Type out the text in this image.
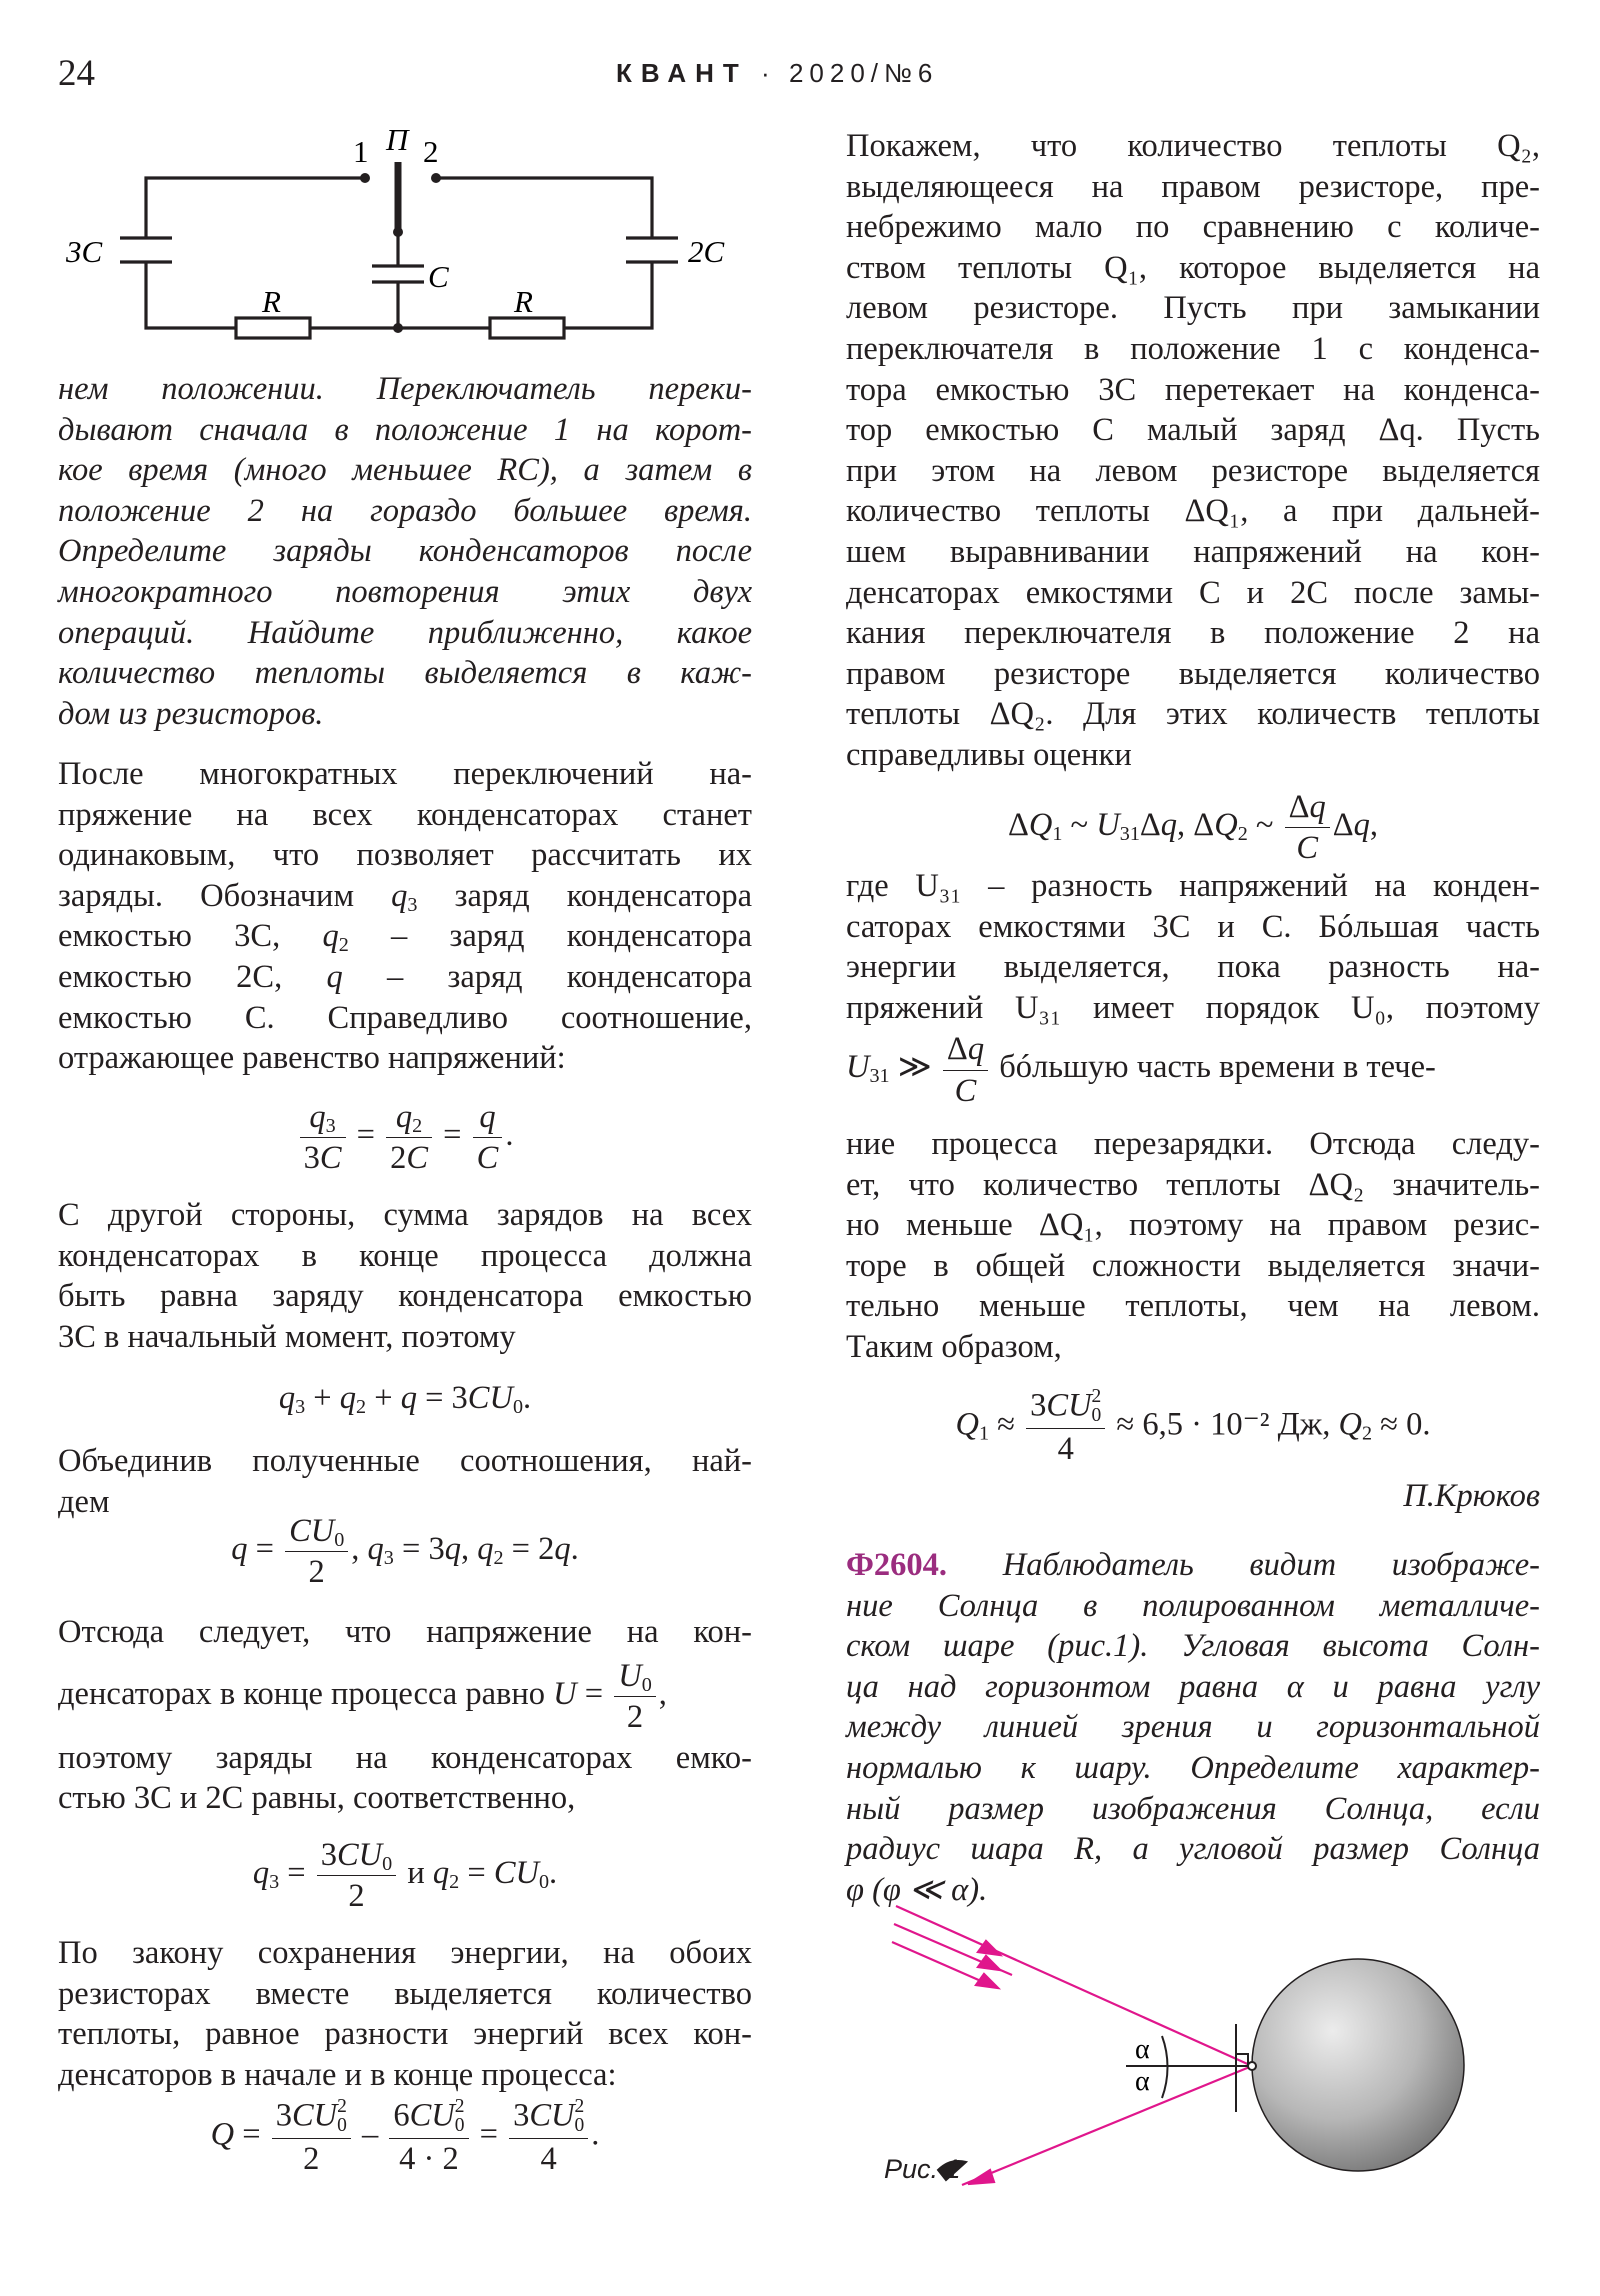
24	КВАНТ · 2020/№6
1 П 2
3C	2C
C
R	R

нем положении. Переключатель переки-

дывают сначала в положение 1 на корот-

кое время (много меньшее RC), а затем в

положение 2 на гораздо большее время.

Определите заряды конденсаторов после

многократного повторения этих двух

операций. Найдите приближенно, какое

количество теплоты выделяется в каж-

дом из резисторов.

После многократных переключений на-

пряжение на всех конденсаторах станет

одинаковым, что позволяет рассчитать их

заряды. Обозначим $q_3$ заряд конденсатора

емкостью 3C, $q_2$ – заряд конденсатора

емкостью 2C, q – заряд конденсатора

емкостью C. Справедливо соотношение,

отражающее равенство напряжений:

$\frac{q_3}{3C} = \frac{q_2}{2C} = \frac{q}{C}$ .

С другой стороны, сумма зарядов на всех

конденсаторах в конце процесса должна

быть равна заряду конденсатора емкостью

3C в начальный момент, поэтому

$q_3 + q_2 + q = 3CU_0$.

Объединив полученные соотношения, най-

дем

$q = \frac{CU_0}{2}$ , $q_3 = 3q$, $q_2 = 2q$.

Отсюда следует, что напряжение на кон-

денсаторах в конце процесса равно $U = \frac{U_0}{2}$ ,

поэтому заряды на конденсаторах емко-

стью 3C и 2C равны, соответственно,

$q_3 = \frac{3CU_0}{2}$ и $q_2 = CU_0$.

По закону сохранения энергии, на обоих

резисторах вместе выделяется количество

теплоты, равное разности энергий всех кон-

денсаторов в начале и в конце процесса:

Q = 3CU 2
0
2 – 6CU 2
0
4 · 2 = 3CU 2
0
4 .

Покажем, что количество теплоты Q₂,

выделяющееся на правом резисторе, пре-

небрежимо мало по сравнению с количе-

ством теплоты Q₁, которое выделяется на

левом резисторе. Пусть при замыкании

переключателя в положение 1 с конденса-

тора емкостью 3C перетекает на конденса-

тор емкостью C малый заряд Δq. Пусть

при этом на левом резисторе выделяется

количество теплоты ΔQ₁, а при дальней-

шем выравнивании напряжений на кон-

денсаторах емкостями C и 2C после замы-

кания переключателя в положение 2 на

правом резисторе выделяется количество

теплоты ΔQ₂. Для этих количеств теплоты

справедливы оценки

$\Delta Q_1$ ~ $U_{31}\Delta q$, $\Delta Q_2$ ~ $\frac{\Delta q}{C} \Delta q$,

где U₃₁ – разность напряжений на конден-

саторах емкостями 3C и C. Бóльшая часть

энергии выделяется, пока разность на-

пряжений U₃₁ имеет порядок U₀, поэтому

$U_{31}$ ≫ $\frac{\Delta q}{C}$ бóльшую часть времени в тече-

ние процесса перезарядки. Отсюда следу-

ет, что количество теплоты ΔQ₂ значитель-

но меньше ΔQ₁, поэтому на правом резис-

торе в общей сложности выделяется значи-

тельно меньше теплоты, чем на левом.

Таким образом,

$Q_1 \approx 3CU$ 2
0
4 ≈ 6,5 · 10⁻² Дж, $Q_2 \approx 0$.
П.Крюков

Ф2604. Наблюдатель видит изображе-

ние Солнца в полированном металличе-

ском шаре (рис.1). Угловая высота Солн-

ца над горизонтом равна α и равна углу

между линией зрения и горизонтальной

нормалью к шару. Определите характер-

ный размер изображения Солнца, если

радиус шара R, а угловой размер Солнца

φ (φ ≪ α).

α
α
Рис. 1
